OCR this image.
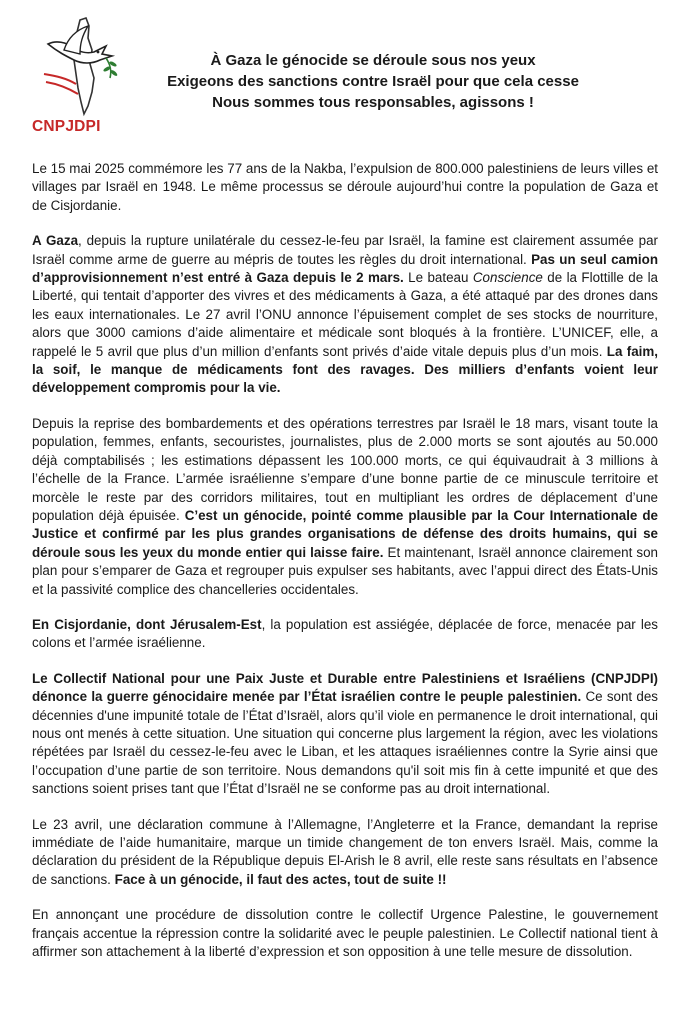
CNPJDPI
À Gaza le génocide se déroule sous nos yeux
Exigeons des sanctions contre Israël pour que cela cesse
Nous sommes tous responsables, agissons !

Le 15 mai 2025 commémore les 77 ans de la Nakba, l’expulsion de 800.000 palestiniens de leurs villes et villages par Israël en 1948. Le même processus se déroule aujourd’hui contre la population de Gaza et de Cisjordanie.

A Gaza, depuis la rupture unilatérale du cessez-le-feu par Israël, la famine est clairement assumée par Israël comme arme de guerre au mépris de toutes les règles du droit international. Pas un seul camion d’approvisionnement n’est entré à Gaza depuis le 2 mars. Le bateau Conscience de la Flottille de la Liberté, qui tentait d’apporter des vivres et des médicaments à Gaza, a été attaqué par des drones dans les eaux internationales. Le 27 avril l’ONU annonce l’épuisement complet de ses stocks de nourriture, alors que 3000 camions d’aide alimentaire et médicale sont bloqués à la frontière. L’UNICEF, elle, a rappelé le 5 avril que plus d’un million d’enfants sont privés d’aide vitale depuis plus d’un mois. La faim, la soif, le manque de médicaments font des ravages. Des milliers d’enfants voient leur développement compromis pour la vie.

Depuis la reprise des bombardements et des opérations terrestres par Israël le 18 mars, visant toute la population, femmes, enfants, secouristes, journalistes, plus de 2.000 morts se sont ajoutés au 50.000 déjà comptabilisés ; les estimations dépassent les 100.000 morts, ce qui équivaudrait à 3 millions à l’échelle de la France. L’armée israélienne s’empare d’une bonne partie de ce minuscule territoire et morcèle le reste par des corridors militaires, tout en multipliant les ordres de déplacement d’une population déjà épuisée. C’est un génocide, pointé comme plausible par la Cour Internationale de Justice et confirmé par les plus grandes organisations de défense des droits humains, qui se déroule sous les yeux du monde entier qui laisse faire. Et maintenant, Israël annonce clairement son plan pour s’emparer de Gaza et regrouper puis expulser ses habitants, avec l’appui direct des États-Unis et la passivité complice des chancelleries occidentales.

En Cisjordanie, dont Jérusalem-Est, la population est assiégée, déplacée de force, menacée par les colons et l’armée israélienne.

Le Collectif National pour une Paix Juste et Durable entre Palestiniens et Israéliens (CNPJDPI) dénonce la guerre génocidaire menée par l’État israélien contre le peuple palestinien. Ce sont des décennies d'une impunité totale de l’État d’Israël, alors qu’il viole en permanence le droit international, qui nous ont menés à cette situation. Une situation qui concerne plus largement la région, avec les violations répétées par Israël du cessez-le-feu avec le Liban, et les attaques israéliennes contre la Syrie ainsi que l’occupation d’une partie de son territoire. Nous demandons qu'il soit mis fin à cette impunité et que des sanctions soient prises tant que l’État d’Israël ne se conforme pas au droit international.

Le 23 avril, une déclaration commune à l’Allemagne, l’Angleterre et la France, demandant la reprise immédiate de l’aide humanitaire, marque un timide changement de ton envers Israël. Mais, comme la déclaration du président de la République depuis El-Arish le 8 avril, elle reste sans résultats en l’absence de sanctions. Face à un génocide, il faut des actes, tout de suite !!

En annonçant une procédure de dissolution contre le collectif Urgence Palestine, le gouvernement français accentue la répression contre la solidarité avec le peuple palestinien. Le Collectif national tient à affirmer son attachement à la liberté d’expression et son opposition à une telle mesure de dissolution.
